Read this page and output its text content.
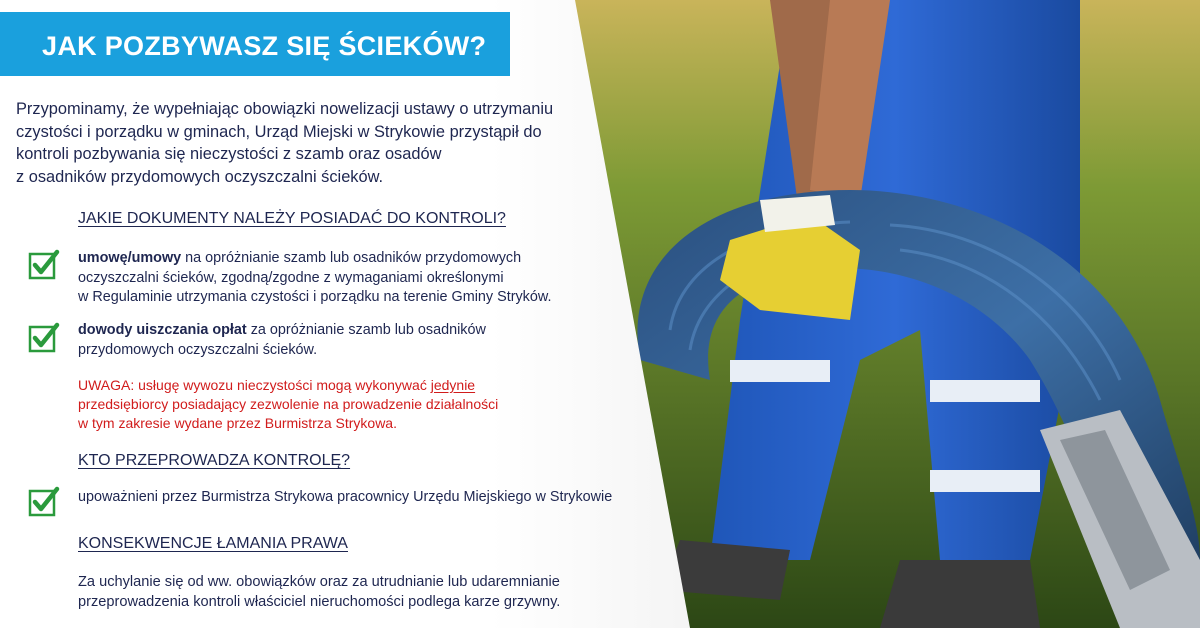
JAK POZBYWASZ SIĘ ŚCIEKÓW?

Przypominamy, że wypełniając obowiązki nowelizacji ustawy o utrzymaniu
czystości i porządku w gminach, Urząd Miejski w Strykowie przystąpił do
kontroli pozbywania się nieczystości z szamb oraz osadów
z osadników przydomowych oczyszczalni ścieków.

JAKIE DOKUMENTY NALEŻY POSIADAĆ DO KONTROLI?

umowę/umowy na opróżnianie szamb lub osadników przydomowych
oczyszczalni ścieków, zgodną/zgodne z wymaganiami określonymi
w Regulaminie utrzymania czystości i porządku na terenie Gminy Stryków.

dowody uiszczania opłat za opróżnianie szamb lub osadników
przydomowych oczyszczalni ścieków.

UWAGA: usługę wywozu nieczystości mogą wykonywać jedynie
przedsiębiorcy posiadający zezwolenie na prowadzenie działalności
w tym zakresie wydane przez Burmistrza Strykowa.

KTO PRZEPROWADZA KONTROLĘ?

upoważnieni przez Burmistrza Strykowa pracownicy Urzędu Miejskiego w Strykowie

KONSEKWENCJE ŁAMANIA PRAWA

Za uchylanie się od ww. obowiązków oraz za utrudnianie lub udaremnianie
przeprowadzenia kontroli właściciel nieruchomości podlega karze grzywny.
